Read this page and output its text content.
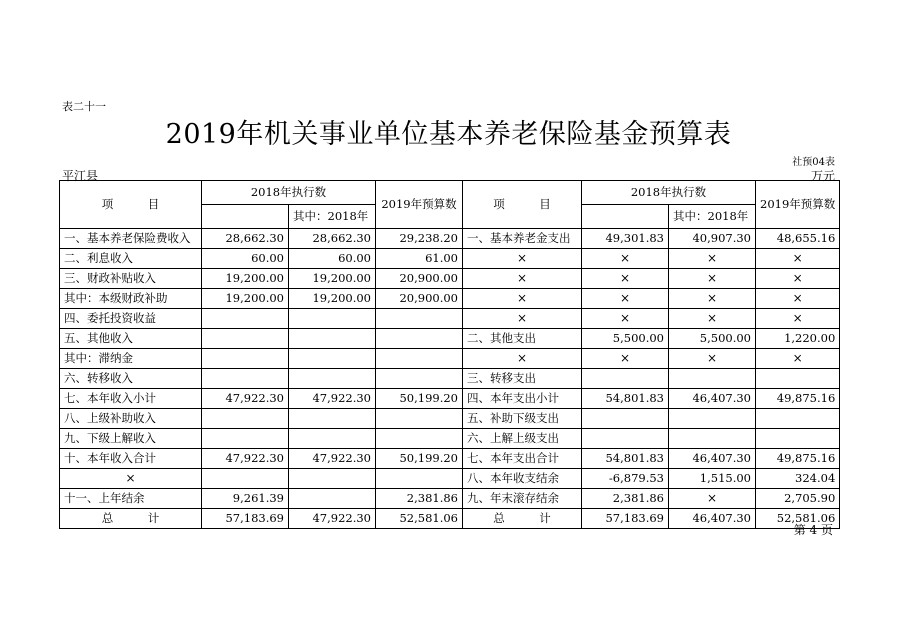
表二十一
2019年机关事业单位基本养老保险基金预算表
社预04表
平江县	万元
项　　　目	2018年执行数		2019年预算数	项　　　目	2018年执行数		2019年预算数
		其中：2018年				其中：2018年	
一、基本养老保险费收入	28,662.30	28,662.30	29,238.20	一、基本养老金支出	49,301.83	40,907.30	48,655.16
二、利息收入	60.00	60.00	61.00	×	×	×	×
三、财政补贴收入	19,200.00	19,200.00	20,900.00	×	×	×	×
其中：本级财政补助	19,200.00	19,200.00	20,900.00	×	×	×	×
四、委托投资收益				×	×	×	×
五、其他收入				二、其他支出	5,500.00	5,500.00	1,220.00
其中：滞纳金				×	×	×	×
六、转移收入				三、转移支出			
七、本年收入小计	47,922.30	47,922.30	50,199.20	四、本年支出小计	54,801.83	46,407.30	49,875.16
八、上级补助收入				五、补助下级支出			
九、下级上解收入				六、上解上级支出			
十、本年收入合计	47,922.30	47,922.30	50,199.20	七、本年支出合计	54,801.83	46,407.30	49,875.16
×				八、本年收支结余	-6,879.53	1,515.00	324.04
十一、上年结余	9,261.39		2,381.86	九、年末滚存结余	2,381.86	×	2,705.90
总　　　计	57,183.69	47,922.30	52,581.06	总　　　计	57,183.69	46,407.30	52,581.06
第 4 页
